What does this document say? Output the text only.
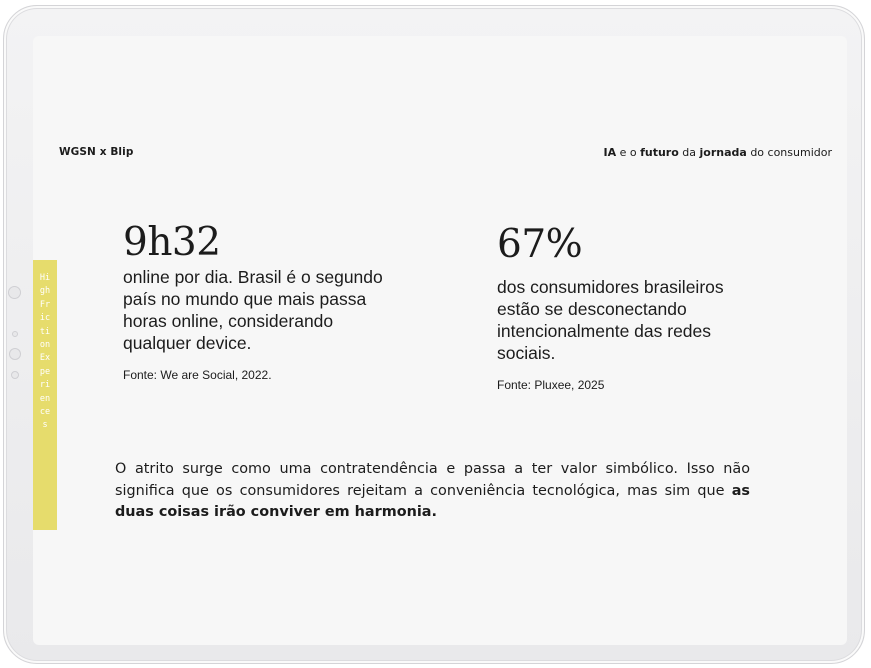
WGSN x Blip	IA e o futuro da jornada do consumidor
High Friction Experiences
9h32
online por dia. Brasil é o segundo país no mundo que mais passa horas online, considerando qualquer device.
Fonte: We are Social, 2022.
67%
dos consumidores brasileiros estão se desconectando intencionalmente das redes sociais.
Fonte: Pluxee, 2025
O atrito surge como uma contratendência e passa a ter valor simbólico. Isso não significa que os consumidores rejeitam a conveniência tecnológica, mas sim que as duas coisas irão conviver em harmonia.
